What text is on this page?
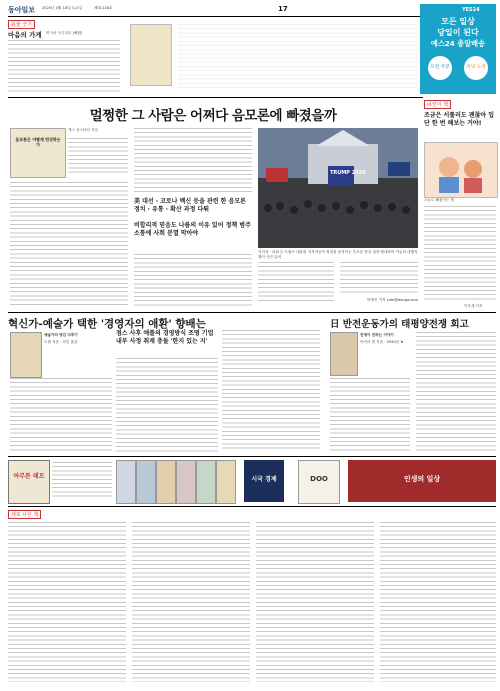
동아일보 2020년 4월 18일 토요일	제31116호	17	YES24
모든 일상
당일이 된다
예스24 총알배송
오전 주문	저녁 도착
원줄 긋기
마음의 가게 미시마 구니히로 (해변)
멀쩡한 그 사람은 어쩌다 음모론에 빠졌을까
음모론은 어떻게 번성하는가
캐스 선스타인 지음
美 대선 · 코로나 백신 등을 관련 한 음모론 정치 · 유통 · 확산 과정 다뤄
비합리적 믿음도 나름의 이유 있어 정책 범주 소통에 사회 분열 막아야
TRUMP 2020
지지자 · 의회 등 트럼프 대통령 지지자들이 정치를 움직이는 음모론 중심 성장 확대하여 이들의 대행적 행사 사진 유의
박정인 기자 cafe@donga.com
어린이 책
조금은 서툴러도 괜찮아 입단 한 번 해보는 거야!
오늘도 해집이는 힘
이호재 기자
혁신가-예술가 택한 '경영자의 애환' 향배는
예술가의 영감 다루기
트립 지음 · 하진 옮김
점스 사후 애플의 경영방식 조명 기업 내부 사정 취재 충돌 '한지 있는 지'
日 반전운동가의 태평양전쟁 회고
전쟁이 전하는 이야기
야자마 겐 지음 · 2020년 ★
아무튼 데모	시국 경제	DOO	인생의 일상
새로 나온 책
